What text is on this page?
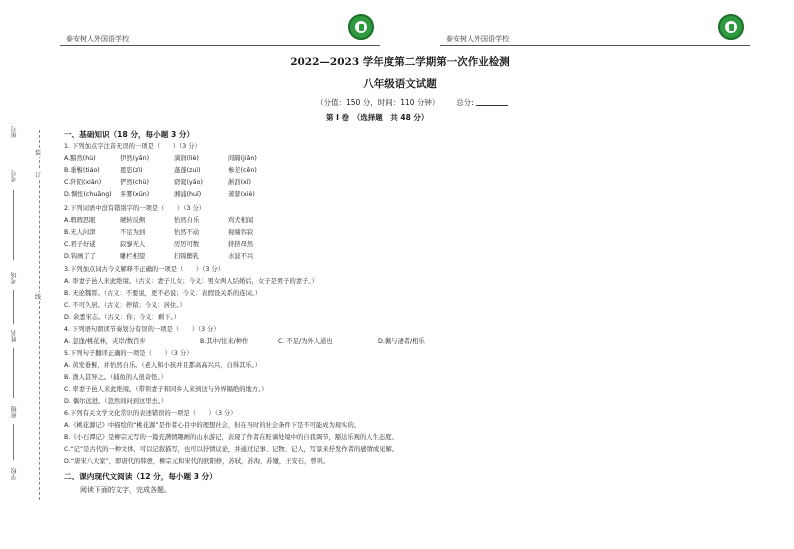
泰安树人外国语学校	泰安树人外国语学校
座号
考号
考场
姓名
班级
学校
装
订
线
2022—2023 学年度第二学期第一次作业检测
八年级语文试题
（分值：150 分，时间：110 分钟） 总分:
第 I 卷　（选择题　共 48 分）
一、基础知识（18 分，每小题 3 分）
1. 下列加点字注音无误的一项是（　　）（3 分）
A.黯然(hù)	伊然(yǎn)	滴润(liè)	间隔(jiǎn)
B.垂髫(tiáo)	恩恣(zì)	蓬蓬(zuì)	参差(cēn)
C.阡陌(xiān)	俨然(chù)	窈窕(yǎo)	淅沥(xī)
D.惆怅(chuāng) 多雾(xūn)	湘浦(huī)	萧瑟(xiè)
2.下列词语中没有错别字的一项是（　　）（3 分）
A.瑕瑕思眼	硬转反侧	怡然自乐	鸡犬相闻
B.无人问津	不足为到	怡然不动	视端容寂
C.君子好逑	寂寥无人	厉厉可数	挤挤昂然
D.钩画了了	雕栏相望	扫锦醉乳	水波不兴
3.下列加点词古今义解释不正确的一项是（　　）（3 分）
A. 率妻子邑人来此绝境。（古义：妻子儿女；今义：男女两人结婚后，女子是男子的妻子。）
B. 无论魏晋。（古义：不要说，更不必说；今义：表假设关系的连词。）
C. 不可久居。（古义：停留；今义：居住。）
D. 余悉宋志。（古义：你；今义：剩下。）
4. 下列语句朗读节奏划分有误的一项是（　　）（3 分）
A. 忽逢/桃花林，夹岸/数百步	B.其中/往来/种作	C. 不足/为外人道也	D.佩与凄者/相乐
5.下列句子翻译正确的一项是（　　）（3 分）
A. 黄发垂髫，并怡然自乐。（老人和小孩并且都高高兴兴，自得其乐。）
B. 渔人甚异之。（捕鱼的人很奇怪。）
C. 率妻子邑人来此绝境。（带领妻子和同乡人来到这与外界隔绝的地方。）
D. 偶尔远进。（忽然间问到这里去。）
6.下列有关文学文化常识的表述错误的一项是（　　）（3 分）
A.《桃花源记》中描绘的“桃花源”是作者心目中的理想社会，但在当时的社会条件下是不可能成为现实的。
B.《小石潭记》是柳宗元写的一篇充满情趣画的山水游记，表现了作者在贬谪处境中的自我调节，豁达乐观的人生态度。
C.“记”是古代的一种文体，可以记叙描写，也可以抒情议论，并通过记事、记物、记人，写景来抒发作者的感情或见解。
D.“唐宋八大家”，即唐代的韩愈，柳宗元和宋代的欧阳修，苏轼，苏洵，苏辙，王安石，曾巩。
二、课内现代文阅读（12 分，每小题 3 分）
阅读下面的文字，完成各题。
